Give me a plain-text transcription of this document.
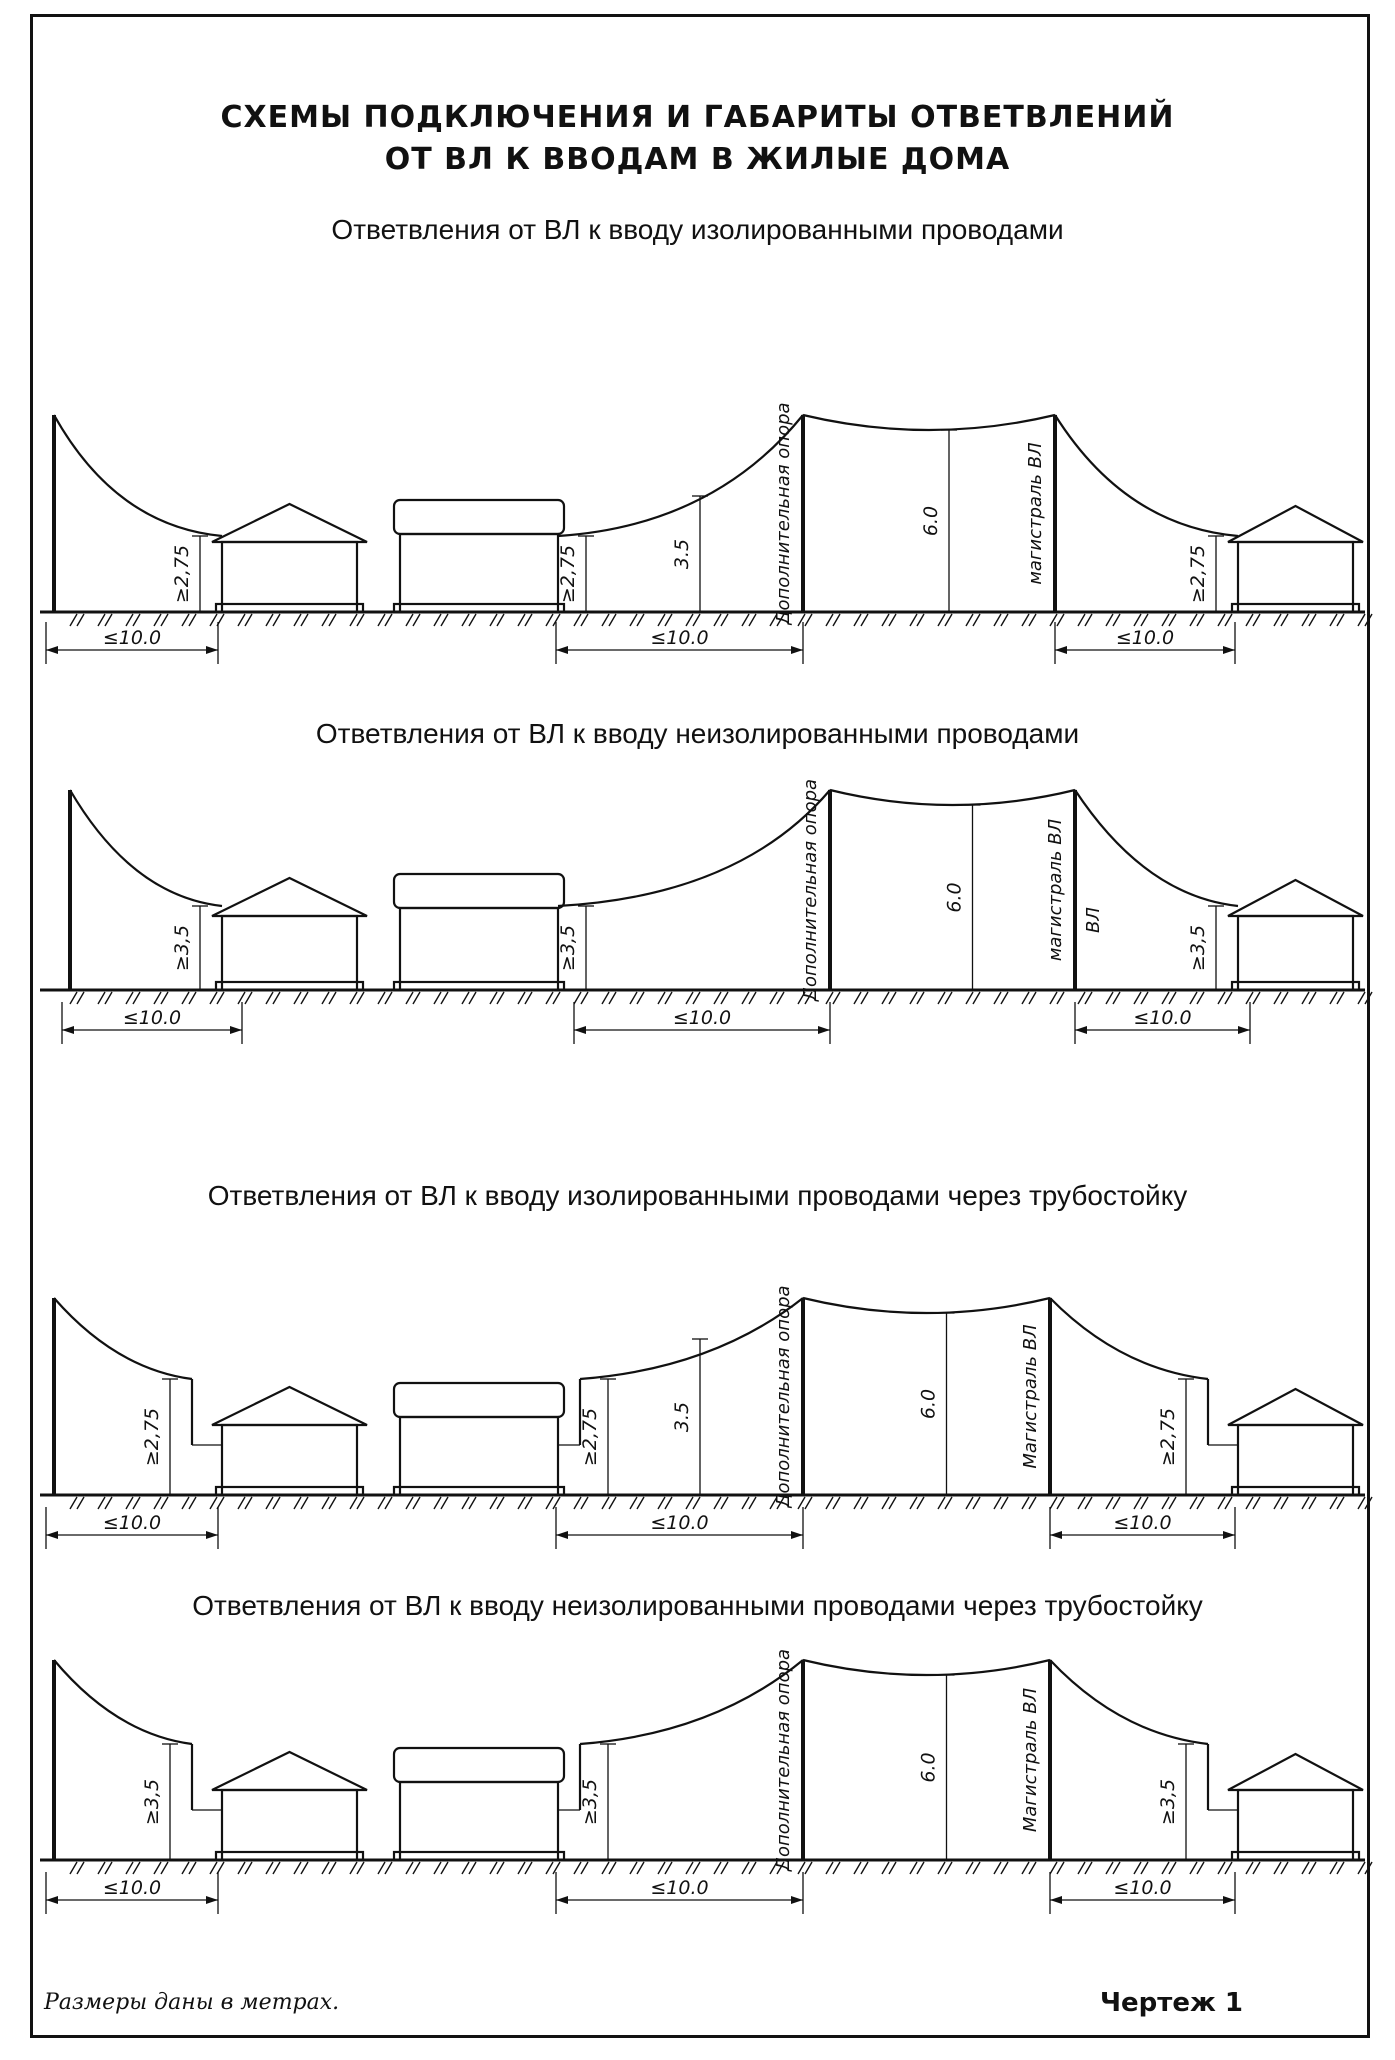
СХЕМЫ ПОДКЛЮЧЕНИЯ И ГАБАРИТЫ ОТВЕТВЛЕНИЙ
ОТ ВЛ К ВВОДАМ В ЖИЛЫЕ ДОМА
Ответвления от ВЛ к вводу изолированными проводами
Ответвления от ВЛ к вводу неизолированными проводами
Ответвления от ВЛ к вводу изолированными проводами через трубостойку
Ответвления от ВЛ к вводу неизолированными проводами через трубостойку
≥2,75	≥2,75	≥2,75
3.5
6.0
Дополнительная опора	магистраль ВЛ
≤10.0	≤10.0	≤10.0
≥3,5	≥3,5	≥3,5
6.0
Дополнительная опора	магистраль ВЛ ВЛ
≤10.0	≤10.0	≤10.0
≥2,75	≥2,75	≥2,75
3.5	6.0
Дополнительная опора	Магистраль ВЛ
≤10.0	≤10.0	≤10.0
≥3,5	≥3,5	≥3,5
6.0
Дополнительная опора	Магистраль ВЛ
≤10.0	≤10.0	≤10.0
Размеры даны в метрах.	Чертеж 1
